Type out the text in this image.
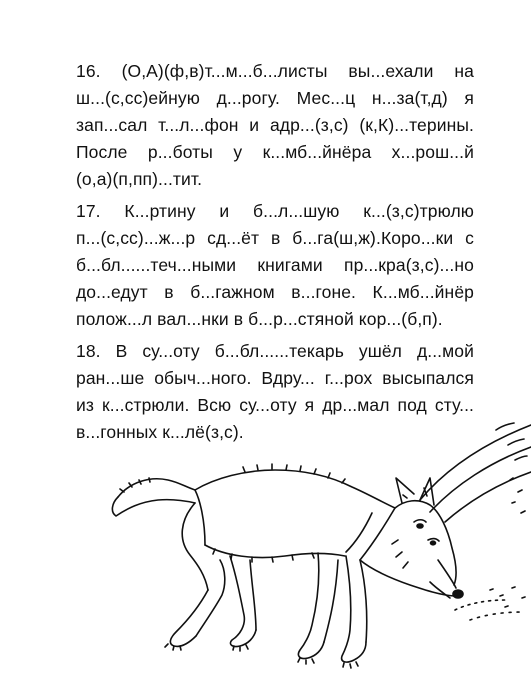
16. (О,А)(ф,в)т...м...б...листы вы...ехали на
ш...(с,сс)ейную д...рогу. Мес...ц н...за(т,д) я
зап...сал т...л...фон и адр...(з,с) (к,К)...терины.
После р...боты у к...мб...йнёра х...рош...й
(о,а)(п,пп)...тит.
17. К...ртину и б...л...шую к...(з,с)трюлю
п...(с,сс)...ж...р сд...ёт в б...га(ш,ж).Коро...ки с
б...бл......теч...ными книгами пр...кра(з,с)...но
до...едут в б...гажном в...гоне. К...мб...йнёр
полож...л вал...нки в б...р...стяной кор...(б,п).
18. В су...оту б...бл......текарь ушёл д...мой
ран...ше обыч...ного. Вдру... г...рох высыпался
из к...стрюли. Всю су...оту я др...мал под сту...
в...гонных к...лё(з,с).
